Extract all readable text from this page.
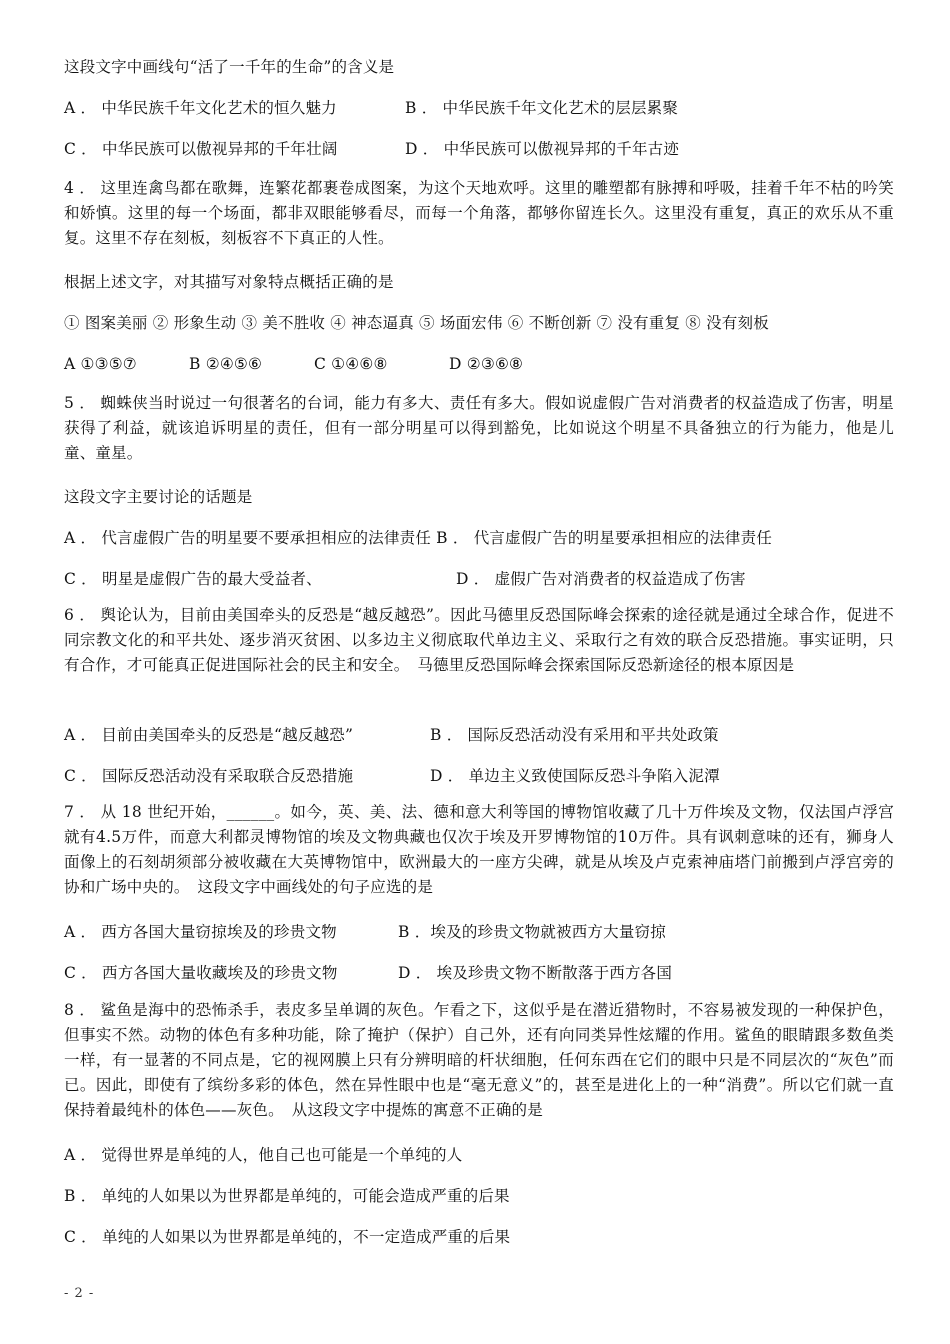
这段文字中画线句“活了一千年的生命”的含义是
A ． 中华民族千年文化艺术的恒久魅力	B ． 中华民族千年文化艺术的层层累聚
C ． 中华民族可以傲视异邦的千年壮阔	D ． 中华民族可以傲视异邦的千年古迹
4 ． 这里连禽鸟都在歌舞，连繁花都裹卷成图案，为这个天地欢呼。这里的雕塑都有脉搏和呼吸，挂着千年不枯的吟笑和娇慎。这里的每一个场面，都非双眼能够看尽，而每一个角落，都够你留连长久。这里没有重复，真正的欢乐从不重复。这里不存在刻板，刻板容不下真正的人性。
根据上述文字，对其描写对象特点概括正确的是
① 图案美丽 ② 形象生动 ③ 美不胜收 ④ 神态逼真 ⑤ 场面宏伟 ⑥ 不断创新 ⑦ 没有重复 ⑧ 没有刻板
A ①③⑤⑦	B ②④⑤⑥	C ①④⑥⑧	D ②③⑥⑧
5 ． 蜘蛛侠当时说过一句很著名的台词，能力有多大、责任有多大。假如说虚假广告对消费者的权益造成了伤害，明星获得了利益，就该追诉明星的责任，但有一部分明星可以得到豁免，比如说这个明星不具备独立的行为能力，他是儿童、童星。
这段文字主要讨论的话题是
A ． 代言虚假广告的明星要不要承担相应的法律责任 B ． 代言虚假广告的明星要承担相应的法律责任
C ． 明星是虚假广告的最大受益者、	D ． 虚假广告对消费者的权益造成了伤害
6 ． 舆论认为，目前由美国牵头的反恐是“越反越恐”。因此马德里反恐国际峰会探索的途径就是通过全球合作，促进不同宗教文化的和平共处、逐步消灭贫困、以多边主义彻底取代单边主义、采取行之有效的联合反恐措施。事实证明，只有合作，才可能真正促进国际社会的民主和安全。　马德里反恐国际峰会探索国际反恐新途径的根本原因是
A ． 目前由美国牵头的反恐是“越反越恐”	B ． 国际反恐活动没有采用和平共处政策
C ． 国际反恐活动没有采取联合反恐措施	D ． 单边主义致使国际反恐斗争陷入泥潭
7 ． 从 18 世纪开始，______。如今，英、美、法、德和意大利等国的博物馆收藏了几十万件埃及文物，仅法国卢浮宫就有4.5万件，而意大利都灵博物馆的埃及文物典藏也仅次于埃及开罗博物馆的10万件。具有讽刺意味的还有，狮身人面像上的石刻胡须部分被收藏在大英博物馆中，欧洲最大的一座方尖碑，就是从埃及卢克索神庙塔门前搬到卢浮宫旁的协和广场中央的。　这段文字中画线处的句子应选的是
A ． 西方各国大量窃掠埃及的珍贵文物	B ．埃及的珍贵文物就被西方大量窃掠
C ． 西方各国大量收藏埃及的珍贵文物	D ． 埃及珍贵文物不断散落于西方各国
8 ． 鲨鱼是海中的恐怖杀手，表皮多呈单调的灰色。乍看之下，这似乎是在潜近猎物时，不容易被发现的一种保护色，但事实不然。动物的体色有多种功能，除了掩护（保护）自己外，还有向同类异性炫耀的作用。鲨鱼的眼睛跟多数鱼类一样，有一显著的不同点是，它的视网膜上只有分辨明暗的杆状细胞，任何东西在它们的眼中只是不同层次的“灰色”而已。因此，即使有了缤纷多彩的体色，然在异性眼中也是“毫无意义”的，甚至是进化上的一种“消费”。所以它们就一直保持着最纯朴的体色——灰色。　从这段文字中提炼的寓意不正确的是
A ． 觉得世界是单纯的人，他自己也可能是一个单纯的人
B ． 单纯的人如果以为世界都是单纯的，可能会造成严重的后果
C ． 单纯的人如果以为世界都是单纯的，不一定造成严重的后果
- 2 -
